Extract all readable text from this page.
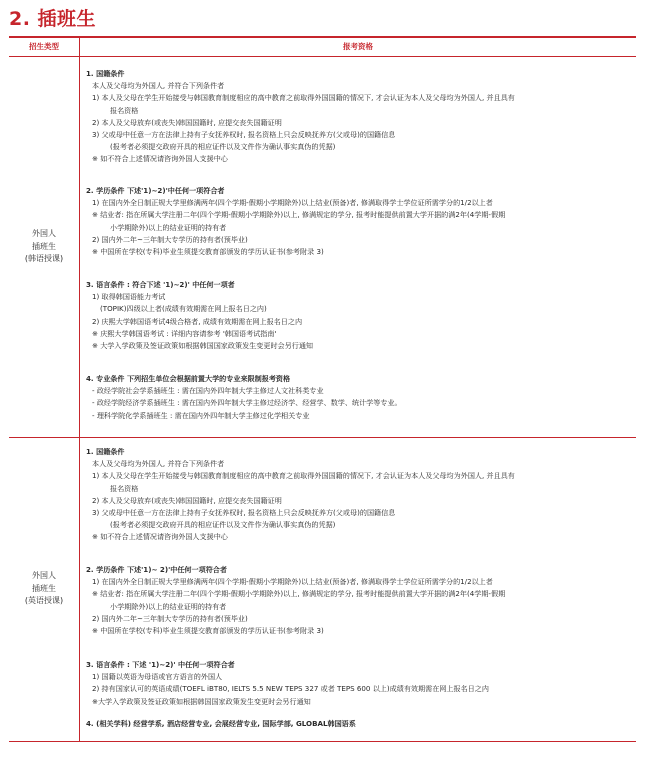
2. 插班生
招生类型	报考资格
外国人
插班生
(韩语授课)
1. 国籍条件
本人及父母均为外国人, 并符合下列条件者
1) 本人及父母在学生开始接受与韩国教育制度相应的高中教育之前取得外国国籍的情况下, 才会认证为本人及父母均为外国人, 并且具有
报名资格
2) 本人及父母放弃(或丧失)韩国国籍时, 应提交丧失国籍证明
3) 父或母中任意一方在法律上持有子女抚养权时, 报名资格上只会反映抚养方(父或母)的国籍信息
(报考者必须提交政府开具的相应证件以及文件作为确认事实真伪的凭据)
※ 如不符合上述情况请咨询外国人支援中心
2. 学历条件 下述'1)~2)'中任何一项符合者
1) 在国内外全日制正规大学里修满两年(四个学期-假期小学期除外)以上结业(预备)者, 修满取得学士学位证所需学分的1/2以上者
※ 结业者: 指在所属大学注册二年(四个学期-假期小学期除外)以上, 修满规定的学分, 报考时能提供前置大学开据的满2年(4学期-假期
小学期除外)以上的结业证明的持有者
2) 国内外二年~三年制大专学历的持有者(预毕业)
※ 中国所在学校(专科)毕业生须提交教育部颁发的学历认证书(参考附录 3)
3. 语言条件 : 符合下述 '1)~2)' 中任何一项者
1) 取得韩国语能力考试
(TOPIK)四级以上者(成绩有效期需在网上报名日之内)
2) 庆熙大学韩国语考试4级合格者, 成绩有效期需在网上报名日之内
※ 庆熙大学韩国语考试 : 详细内容请参考 '韩国语考试指南'
※ 大学入学政策及签证政策如根据韩国国家政策发生变更时会另行通知
4. 专业条件 下列招生单位会根据前置大学的专业来限制报考资格
- 政经学院社会学系插班生 : 需在国内外四年制大学主修过人文社科类专业
- 政经学院经济学系插班生 : 需在国内外四年制大学主修过经济学、经营学、数学、统计学等专业。
- 理科学院化学系插班生 : 需在国内外四年制大学主修过化学相关专业
外国人
插班生
(英语授课)
1. 国籍条件
本人及父母均为外国人, 并符合下列条件者
1) 本人及父母在学生开始接受与韩国教育制度相应的高中教育之前取得外国国籍的情况下, 才会认证为本人及父母均为外国人, 并且具有
报名资格
2) 本人及父母放弃(或丧失)韩国国籍时, 应提交丧失国籍证明
3) 父或母中任意一方在法律上持有子女抚养权时, 报名资格上只会反映抚养方(父或母)的国籍信息
(报考者必须提交政府开具的相应证件以及文件作为确认事实真伪的凭据)
※ 如不符合上述情况请咨询外国人支援中心
2. 学历条件 下述'1)~ 2)'中任何一项符合者
1) 在国内外全日制正规大学里修满两年(四个学期-假期小学期除外)以上结业(预备)者, 修满取得学士学位证所需学分的1/2以上者
※ 结业者: 指在所属大学注册二年(四个学期-假期小学期除外)以上, 修满规定的学分, 报考时能提供前置大学开据的满2年(4学期-假期
小学期除外)以上的结业证明的持有者
2) 国内外二年~三年制大专学历的持有者(预毕业)
※ 中国所在学校(专科)毕业生须提交教育部颁发的学历认证书(参考附录 3)
3. 语言条件 : 下述 '1)~2)' 中任何一项符合者
1) 国籍以英语为母语或官方语言的外国人
2) 持有国家认可的英语成绩(TOEFL iBT80, IELTS 5.5 NEW TEPS 327 或者 TEPS 600 以上)成绩有效期需在网上报名日之内
※大学入学政策及签证政策如根据韩国国家政策发生变更时会另行通知
4. (相关学科) 经营学系, 酒店经营专业, 会展经营专业, 国际学部, GLOBAL韩国语系
